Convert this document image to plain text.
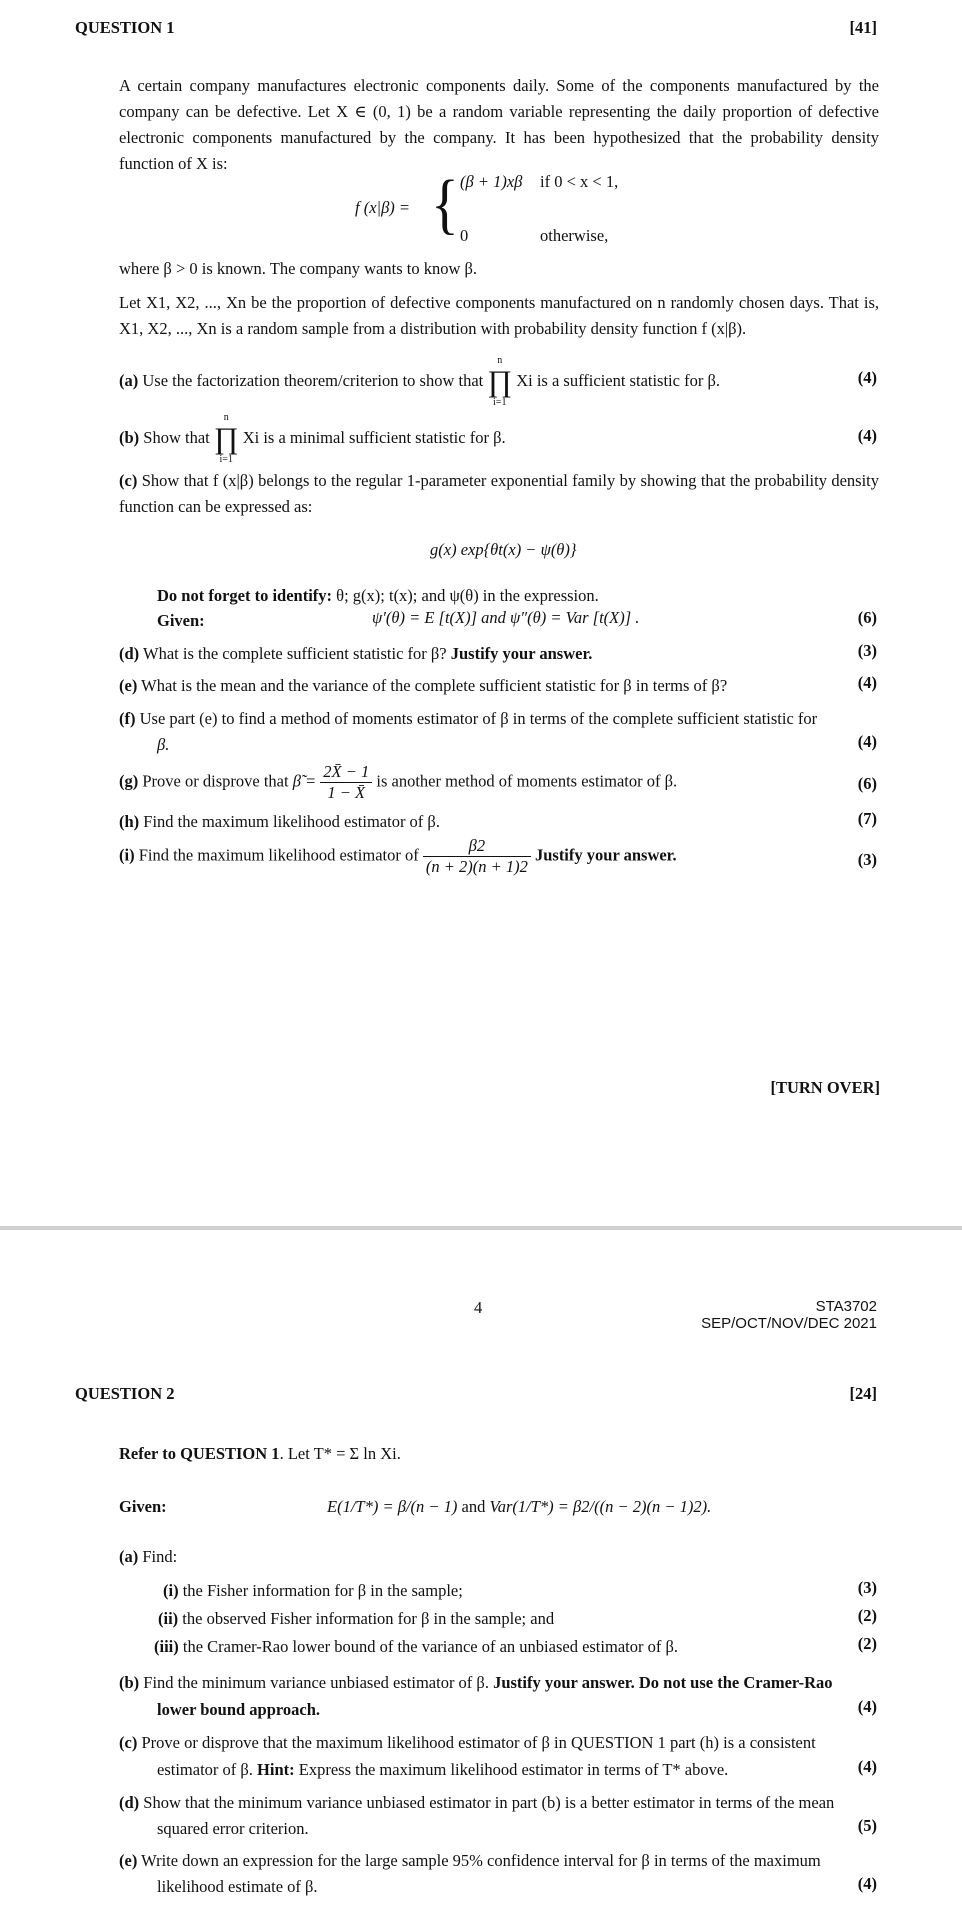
QUESTION 1	[41]
A certain company manufactures electronic components daily. Some of the components manufactured by the company can be defective. Let X ∈ (0, 1) be a random variable representing the daily proportion of defective electronic components manufactured by the company. It has been hypothesized that the probability density function of X is:
f (x|β) = { (β + 1)xβ if 0 < x < 1,
0	otherwise,
where β > 0 is known. The company wants to know β.
Let X1, X2, ..., Xn be the proportion of defective components manufactured on n randomly chosen days. That is, X1, X2, ..., Xn is a random sample from a distribution with probability density function f (x|β).
(a) Use the factorization theorem/criterion to show that
n
∏
i=1
Xi is a sufficient statistic for β.	(4)
(b) Show that
n
∏
i=1
Xi is a minimal sufficient statistic for β.	(4)
(c) Show that f (x|β) belongs to the regular 1-parameter exponential family by showing that the probability density function can be expressed as:
g(x) exp{θt(x) − ψ(θ)}
Do not forget to identify: θ; g(x); t(x); and ψ(θ) in the expression.
Given:	ψ′(θ) = E [t(X)] and ψ″(θ) = Var [t(X)] .	(6)
(d) What is the complete sufficient statistic for β? Justify your answer.	(3)
(e) What is the mean and the variance of the complete sufficient statistic for β in terms of β?	(4)
(f) Use part (e) to find a method of moments estimator of β in terms of the complete sufficient statistic for
β.	(4)
(g) Prove or disprove that β̃ = $\frac{2X̄ - 1}{1 - X̄}$ is another method of moments estimator of β.	(6)
(h) Find the maximum likelihood estimator of β.	(7)
(i) Find the maximum likelihood estimator of $\frac{\beta 2}{(n + 2)(n + 1)2}$ Justify your answer.	(3)
[TURN OVER]
4	STA3702
SEP/OCT/NOV/DEC 2021
QUESTION 2	[24]
Refer to QUESTION 1. Let T* = Σ ln Xi.
Given:	E(1/T*) = β/(n − 1) and Var(1/T*) = β2/((n − 2)(n − 1)2).
(a) Find:
(i) the Fisher information for β in the sample;	(3)
(ii) the observed Fisher information for β in the sample; and	(2)
(iii) the Cramer-Rao lower bound of the variance of an unbiased estimator of β.	(2)
(b) Find the minimum variance unbiased estimator of β. Justify your answer. Do not use the Cramer-Rao
lower bound approach.	(4)
(c) Prove or disprove that the maximum likelihood estimator of β in QUESTION 1 part (h) is a consistent
estimator of β. Hint: Express the maximum likelihood estimator in terms of T* above.	(4)
(d) Show that the minimum variance unbiased estimator in part (b) is a better estimator in terms of the mean
squared error criterion.	(5)
(e) Write down an expression for the large sample 95% confidence interval for β in terms of the maximum
likelihood estimate of β.	(4)
